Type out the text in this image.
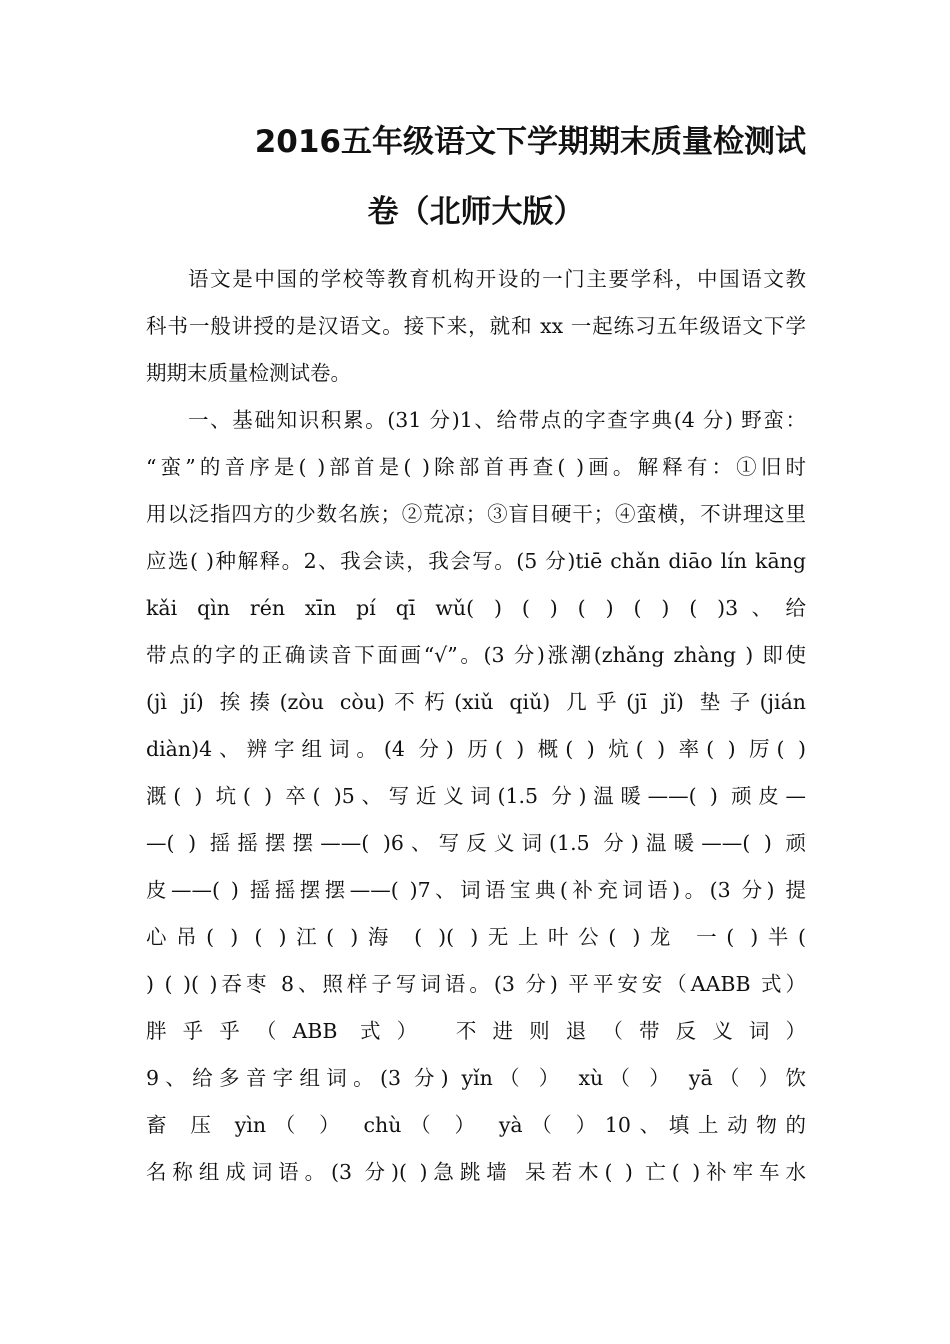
2016五年级语文下学期期末质量检测试
卷（北师大版）
语文是中国的学校等教育机构开设的一门主要学科，中国语文教
科书一般讲授的是汉语文。接下来，就和 xx 一起练习五年级语文下学
期期末质量检测试卷。
一、基础知识积累。(31 分)1、给带点的字查字典(4 分) 野蛮：
“蛮”的音序是( )部首是( )除部首再查( )画。解释有：①旧时
用以泛指四方的少数名族；②荒凉；③盲目硬干；④蛮横，不讲理这里
应选( )种解释。2、我会读，我会写。(5 分)tiē chǎn diāo lín kāng
kǎi qìn rén xīn pí qī wǔ( ) ( ) ( ) ( ) ( )3、给
带点的字的正确读音下面画“√”。(3 分)涨潮(zhǎng zhàng ) 即使
(jì jí) 挨揍(zòu còu)不朽(xiǔ qiǔ) 几乎(jī jǐ) 垫子(jián
diàn)4、辨字组词。(4 分) 历( ) 概( ) 炕( ) 率( ) 厉( )
溉( ) 坑( ) 卒( )5、写近义词(1.5 分)温暖——( ) 顽皮—
—( ) 摇摇摆摆——( )6、写反义词(1.5 分)温暖——( ) 顽
皮——( ) 摇摇摆摆——( )7、词语宝典(补充词语)。(3 分) 提
心吊( ) ( )江( )海 ( )( )无上叶公( )龙 一( )半(
) ( )( )吞枣 8、照样子写词语。(3 分) 平平安安（AABB 式）
胖乎乎（ABB 式） 不进则退（带反义词）
9、给多音字组词。(3 分) yǐn（ ） xù（ ） yā（ ）饮
畜 压 yìn（ ） chù（ ） yà（ ）10、填上动物的
名称组成词语。(3 分)( )急跳墙 呆若木( ) 亡( )补牢车水
